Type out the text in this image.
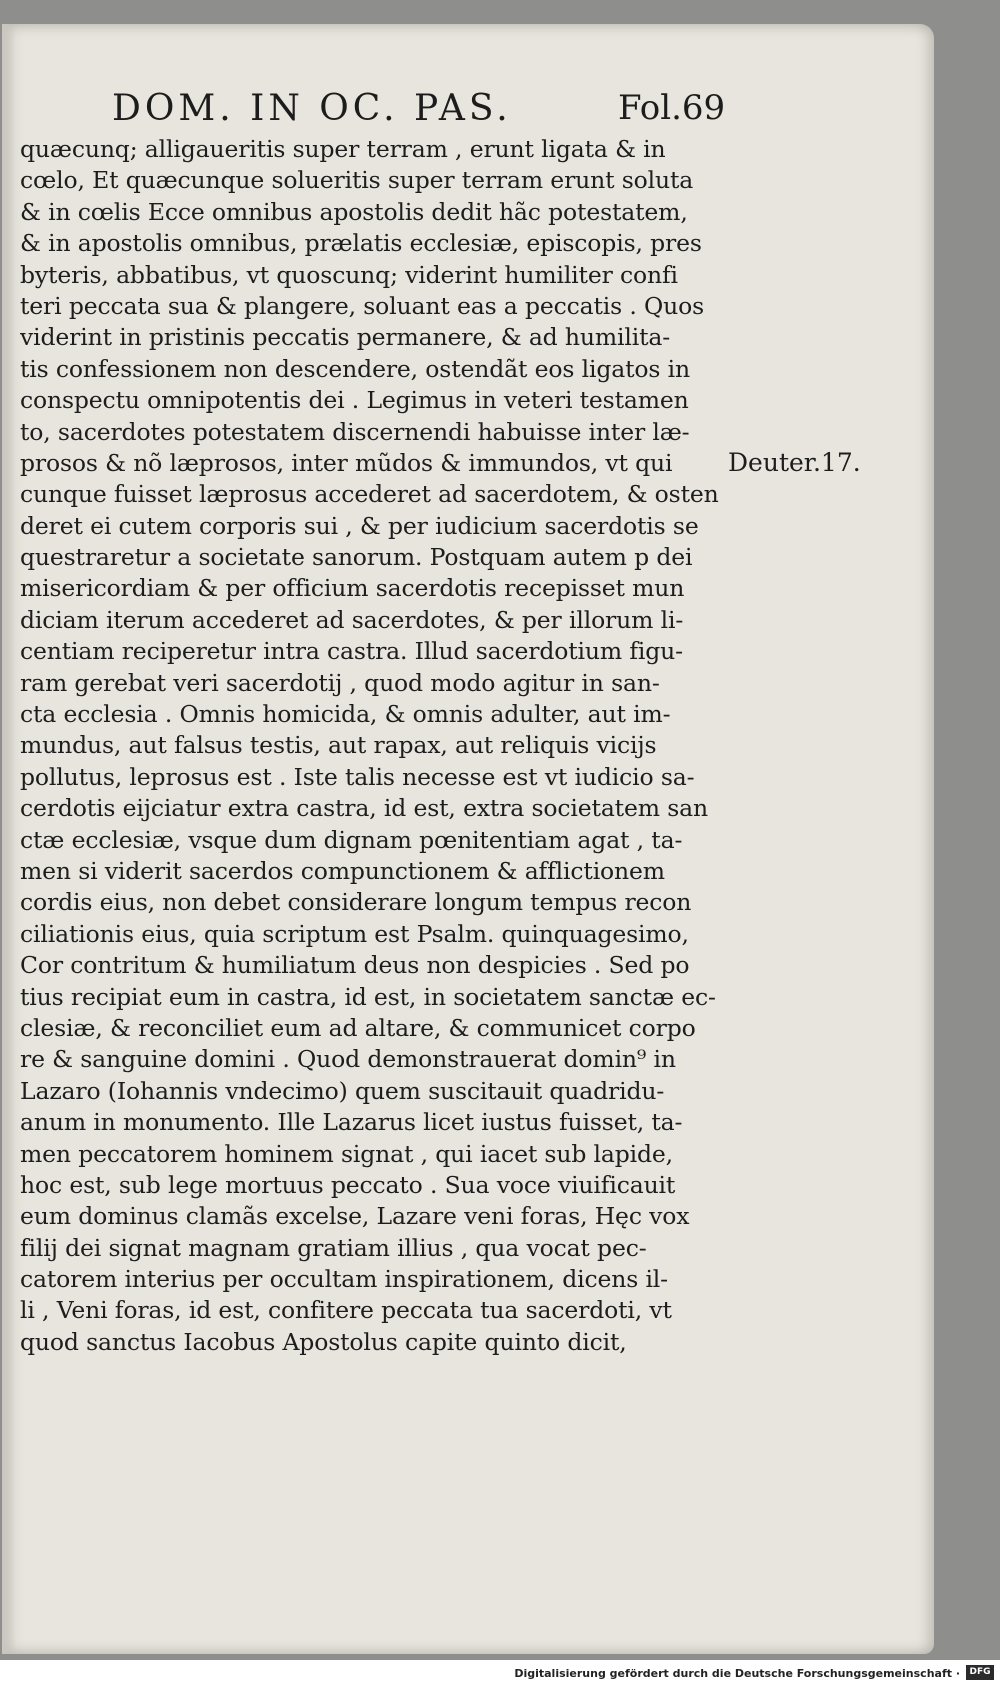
DOM. IN OC. PAS.	Fol.69
quæcunq; alligaueritis super terram , erunt ligata & in
cœlo, Et quæcunque solueritis super terram erunt soluta
& in cœlis Ecce omnibus apostolis dedit hãc potestatem,
& in apostolis omnibus, prælatis ecclesiæ, episcopis, pres
byteris, abbatibus, vt quoscunq; viderint humiliter confi
teri peccata sua & plangere, soluant eas a peccatis . Quos
viderint in pristinis peccatis permanere, & ad humilita-
tis confessionem non descendere, ostendãt eos ligatos in
conspectu omnipotentis dei . Legimus in veteri testamen
to, sacerdotes potestatem discernendi habuisse inter læ-
prosos & nõ læprosos, inter mũdos & immundos, vt qui
cunque fuisset læprosus accederet ad sacerdotem, & osten
deret ei cutem corporis sui , & per iudicium sacerdotis se
questraretur a societate sanorum. Postquam autem p dei
misericordiam & per officium sacerdotis recepisset mun
diciam iterum accederet ad sacerdotes, & per illorum li-
centiam reciperetur intra castra. Illud sacerdotium figu-
ram gerebat veri sacerdotij , quod modo agitur in san-
cta ecclesia . Omnis homicida, & omnis adulter, aut im-
mundus, aut falsus testis, aut rapax, aut reliquis vicijs
pollutus, leprosus est . Iste talis necesse est vt iudicio sa-
cerdotis eijciatur extra castra, id est, extra societatem san
ctæ ecclesiæ, vsque dum dignam pœnitentiam agat , ta-
men si viderit sacerdos compunctionem & afflictionem
cordis eius, non debet considerare longum tempus recon
ciliationis eius, quia scriptum est Psalm. quinquagesimo,
Cor contritum & humiliatum deus non despicies . Sed po
tius recipiat eum in castra, id est, in societatem sanctæ ec-
clesiæ, & reconciliet eum ad altare, & communicet corpo
re & sanguine domini . Quod demonstrauerat domin⁹ in
Lazaro (Iohannis vndecimo) quem suscitauit quadridu-
anum in monumento. Ille Lazarus licet iustus fuisset, ta-
men peccatorem hominem signat , qui iacet sub lapide,
hoc est, sub lege mortuus peccato . Sua voce viuificauit
eum dominus clamãs excelse, Lazare veni foras, Hęc vox
filij dei signat magnam gratiam illius , qua vocat pec-
catorem interius per occultam inspirationem, dicens il-
li , Veni foras, id est, confitere peccata tua sacerdoti, vt
quod sanctus Iacobus Apostolus capite quinto dicit,
Deuter.17.
Digitalisierung gefördert durch die Deutsche Forschungsgemeinschaft ·	DFG
